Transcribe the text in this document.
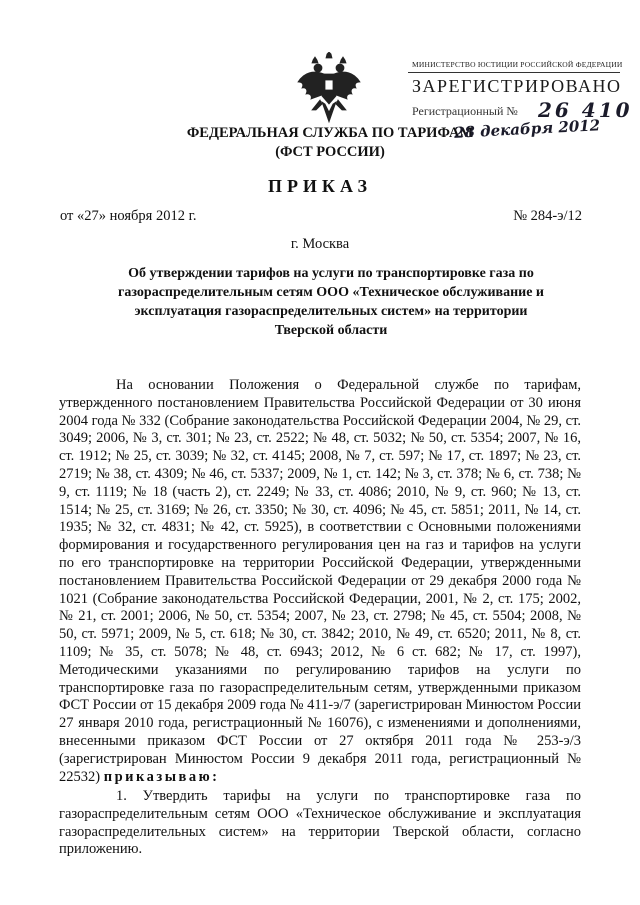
ФЕДЕРАЛЬНАЯ СЛУЖБА ПО ТАРИФАМ
(ФСТ РОССИИ)
МИНИСТЕРСТВО ЮСТИЦИИ РОССИЙСКОЙ ФЕДЕРАЦИИ
ЗАРЕГИСТРИРОВАНО
Регистрационный № 26 410
28 декабря 2012
ПРИКАЗ
от «27» ноября 2012 г.	№ 284-э/12
г. Москва
Об утверждении тарифов на услуги по транспортировке газа по газораспределительным сетям ООО «Техническое обслуживание и эксплуатация газораспределительных систем» на территории Тверской области

На основании Положения о Федеральной службе по тарифам, утвержденного постановлением Правительства Российской Федерации от 30 июня 2004 года № 332 (Собрание законодательства Российской Федерации 2004, № 29, ст. 3049; 2006, № 3, ст. 301; № 23, ст. 2522; № 48, ст. 5032; № 50, ст. 5354; 2007, № 16, ст. 1912; № 25, ст. 3039; № 32, ст. 4145; 2008, № 7, ст. 597; № 17, ст. 1897; № 23, ст. 2719; № 38, ст. 4309; № 46, ст. 5337; 2009, № 1, ст. 142; № 3, ст. 378; № 6, ст. 738; № 9, ст. 1119; № 18 (часть 2), ст. 2249; № 33, ст. 4086; 2010, № 9, ст. 960; № 13, ст. 1514; № 25, ст. 3169; № 26, ст. 3350; № 30, ст. 4096; № 45, ст. 5851; 2011, № 14, ст. 1935; № 32, ст. 4831; № 42, ст. 5925), в соответствии с Основными положениями формирования и государственного регулирования цен на газ и тарифов на услуги по его транспортировке на территории Российской Федерации, утвержденными постановлением Правительства Российской Федерации от 29 декабря 2000 года № 1021 (Собрание законодательства Российской Федерации, 2001, № 2, ст. 175; 2002, № 21, ст. 2001; 2006, № 50, ст. 5354; 2007, № 23, ст. 2798; № 45, ст. 5504; 2008, № 50, ст. 5971; 2009, № 5, ст. 618; № 30, ст. 3842; 2010, № 49, ст. 6520; 2011, № 8, ст. 1109; № 35, ст. 5078; № 48, ст. 6943; 2012, № 6 ст. 682; № 17, ст. 1997), Методическими указаниями по регулированию тарифов на услуги по транспортировке газа по газораспределительным сетям, утвержденными приказом ФСТ России от 15 декабря 2009 года № 411-э/7 (зарегистрирован Минюстом России 27 января 2010 года, регистрационный № 16076), с изменениями и дополнениями, внесенными приказом ФСТ России от 27 октября 2011 года № 253-э/3 (зарегистрирован Минюстом России 9 декабря 2011 года, регистрационный № 22532) приказываю:

1. Утвердить тарифы на услуги по транспортировке газа по газораспределительным сетям ООО «Техническое обслуживание и эксплуатация газораспределительных систем» на территории Тверской области, согласно приложению.
